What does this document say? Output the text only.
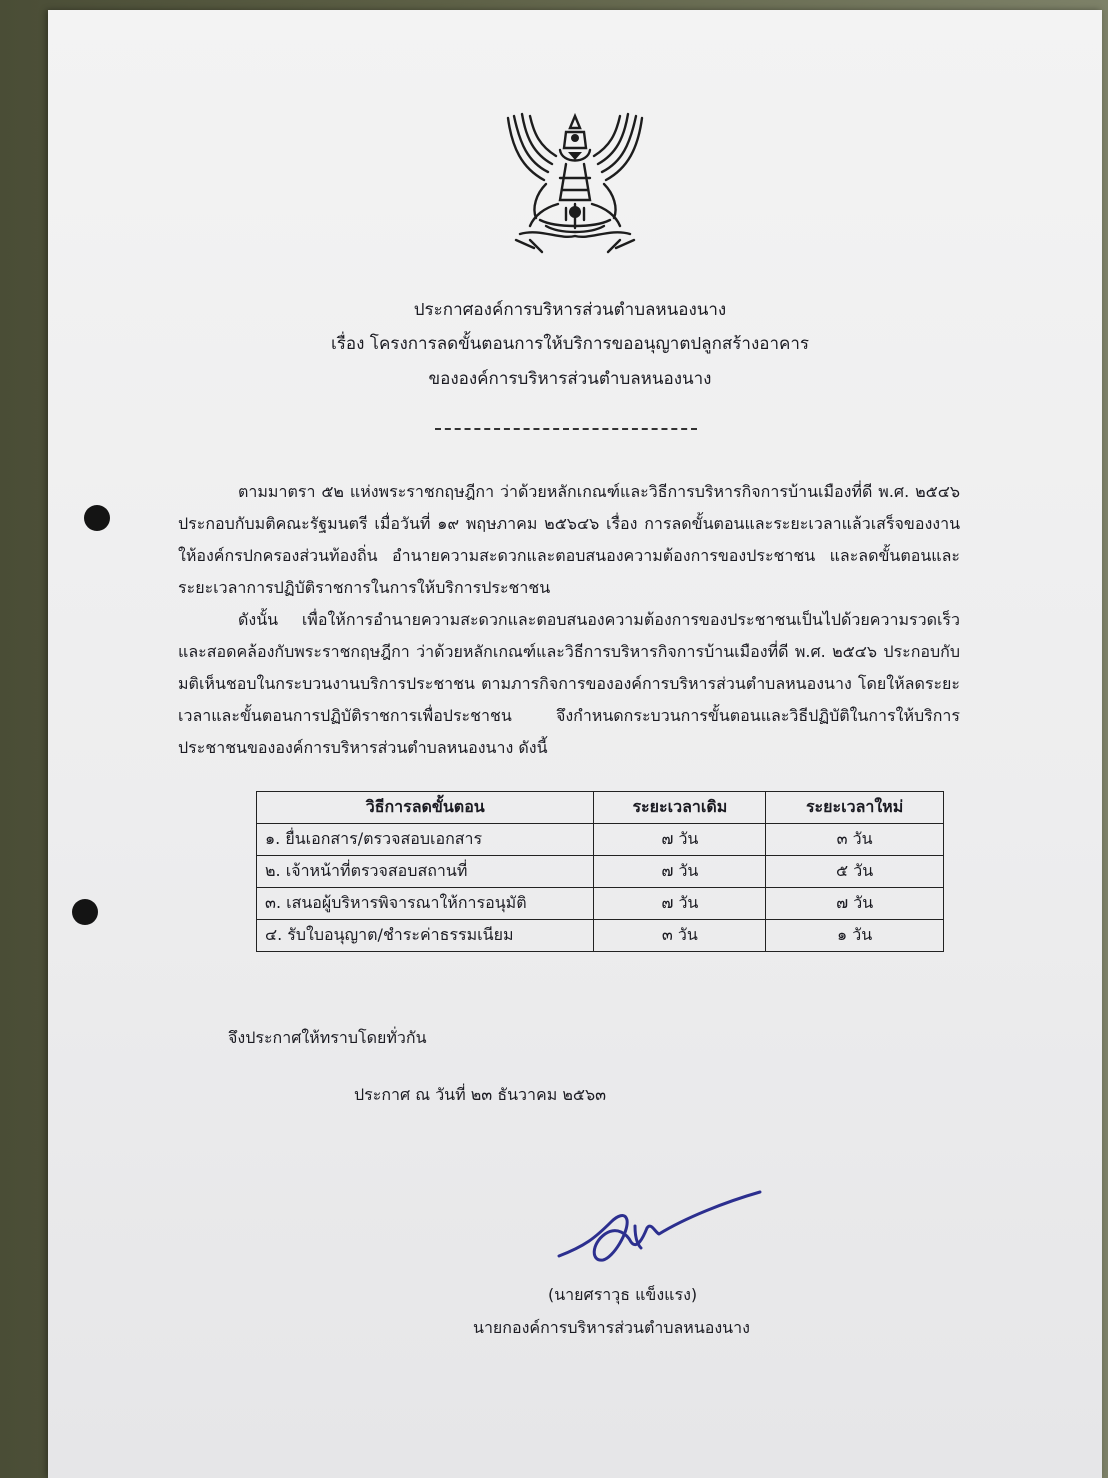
ประกาศองค์การบริหารส่วนตำบลหนองนาง
เรื่อง โครงการลดขั้นตอนการให้บริการขออนุญาตปลูกสร้างอาคาร
ขององค์การบริหารส่วนตำบลหนองนาง
ตามมาตรา ๕๒ แห่งพระราชกฤษฎีกา ว่าด้วยหลักเกณฑ์และวิธีการบริหารกิจการบ้านเมืองที่ดี พ.ศ. ๒๕๔๖ ประกอบกับมติคณะรัฐมนตรี เมื่อวันที่ ๑๙ พฤษภาคม ๒๕๖๔๖ เรื่อง การลดขั้นตอนและระยะเวลาแล้วเสร็จของงาน ให้องค์กรปกครองส่วนท้องถิ่น อำนายความสะดวกและตอบสนองความต้องการของประชาชน และลดขั้นตอนและระยะเวลาการปฏิบัติราชการในการให้บริการประชาชน
ดังนั้น เพื่อให้การอำนายความสะดวกและตอบสนองความต้องการของประชาชนเป็นไปด้วยความรวดเร็ว และสอดคล้องกับพระราชกฤษฎีกา ว่าด้วยหลักเกณฑ์และวิธีการบริหารกิจการบ้านเมืองที่ดี พ.ศ. ๒๕๔๖ ประกอบกับมติเห็นชอบในกระบวนงานบริการประชาชน ตามภารกิจการขององค์การบริหารส่วนตำบลหนองนาง โดยให้ลดระยะเวลาและขั้นตอนการปฏิบัติราชการเพื่อประชาชน จึงกำหนดกระบวนการขั้นตอนและวิธีปฏิบัติในการให้บริการประชาชนขององค์การบริหารส่วนตำบลหนองนาง ดังนี้
วิธีการลดขั้นตอน	ระยะเวลาเดิม	ระยะเวลาใหม่
๑. ยื่นเอกสาร/ตรวจสอบเอกสาร	๗ วัน	๓ วัน
๒. เจ้าหน้าที่ตรวจสอบสถานที่	๗ วัน	๕ วัน
๓. เสนอผู้บริหารพิจารณาให้การอนุมัติ	๗ วัน	๗ วัน
๔. รับใบอนุญาต/ชำระค่าธรรมเนียม	๓ วัน	๑ วัน
จึงประกาศให้ทราบโดยทั่วกัน
ประกาศ ณ วันที่ ๒๓ ธันวาคม ๒๕๖๓
(นายศราวุธ แข็งแรง)
นายกองค์การบริหารส่วนตำบลหนองนาง
